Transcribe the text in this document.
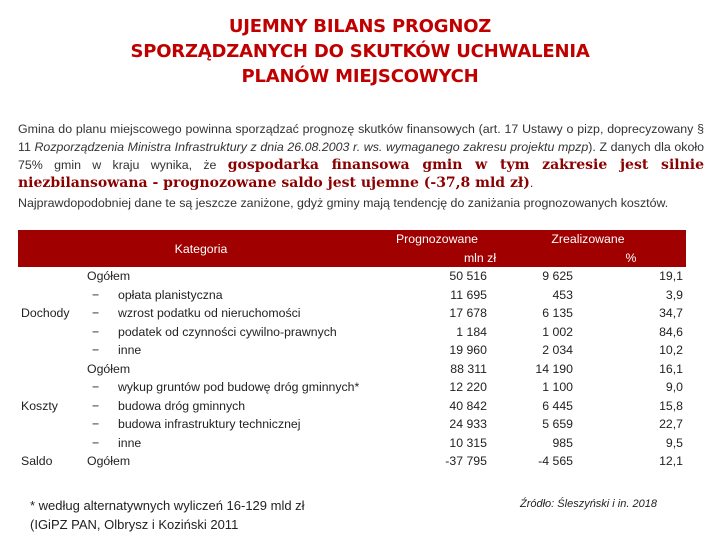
UJEMNY BILANS PROGNOZ
SPORZĄDZANYCH DO SKUTKÓW UCHWALENIA
PLANÓW MIEJSCOWYCH
Gmina do planu miejscowego powinna sporządzać prognozę skutków finansowych (art. 17 Ustawy o pizp, doprecyzowany § 11 Rozporządzenia Ministra Infrastruktury z dnia 26.08.2003 r. ws. wymaganego zakresu projektu mpzp). Z danych dla około 75% gmin w kraju wynika, że gospodarka finansowa gmin w tym zakresie jest silnie niezbilansowana - prognozowane saldo jest ujemne (-37,8 mld zł).
Najprawdopodobniej dane te są jeszcze zaniżone, gdyż gminy mają tendencję do zaniżania prognozowanych kosztów.
Kategoria		Prognozowane	Zrealizowane	
		mln zł		%
Dochody	Ogółem	50 516	9 625	19,1
	− opłata planistyczna	11 695	453	3,9
	− wzrost podatku od nieruchomości	17 678	6 135	34,7
	− podatek od czynności cywilno-prawnych	1 184	1 002	84,6
	− inne	19 960	2 034	10,2
Koszty	Ogółem	88 311	14 190	16,1
	− wykup gruntów pod budowę dróg gminnych*	12 220	1 100	9,0
	− budowa dróg gminnych	40 842	6 445	15,8
	− budowa infrastruktury technicznej	24 933	5 659	22,7
	− inne	10 315	985	9,5
Saldo	Ogółem	-37 795	-4 565	12,1
* według alternatywnych wyliczeń 16-129 mld zł
(IGiPZ PAN, Olbrysz i Koziński 2011
Źródło: Śleszyński i in. 2018
